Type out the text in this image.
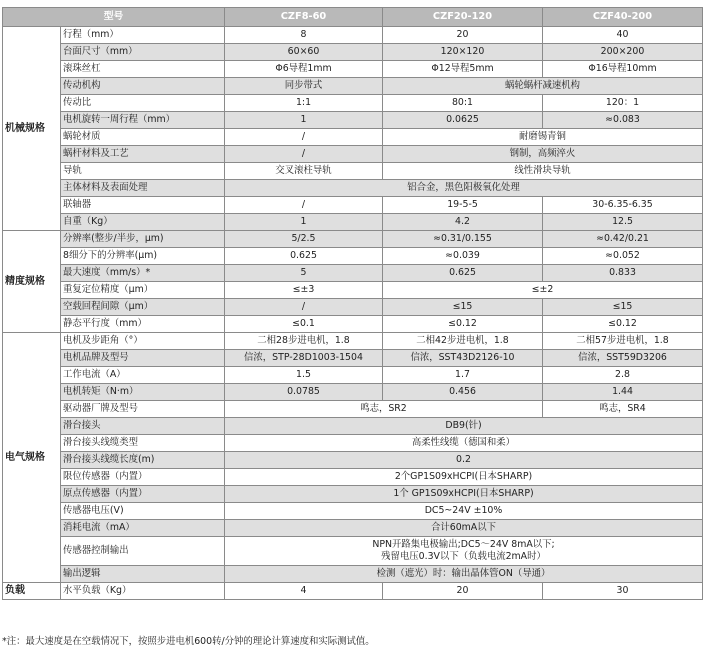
型号		CZF8-60	CZF20-120	CZF40-200
机械规格	行程（mm）	8	20	40
	台面尺寸（mm）	60×60	120×120	200×200
	滚珠丝杠	Φ6导程1mm	Φ12导程5mm	Φ16导程10mm
	传动机构	同步带式	蜗轮蜗杆减速机构	
	传动比	1:1	80:1	120：1
	电机旋转一周行程（mm）	1	0.0625	≈0.083
	蜗轮材质	/	耐磨锡青铜	
	蜗杆材料及工艺	/	钢制，高频淬火	
	导轨	交叉滚柱导轨	线性滑块导轨	
	主体材料及表面处理	铝合金，黑色阳极氧化处理		
	联轴器	/	19-5-5	30-6.35-6.35
	自重（Kg）	1	4.2	12.5
精度规格	分辨率(整步/半步，μm)	5/2.5	≈0.31/0.155	≈0.42/0.21
	8细分下的分辨率(μm)	0.625	≈0.039	≈0.052
	最大速度（mm/s）*	5	0.625	0.833
	重复定位精度（μm）	≤±3	≤±2	
	空载回程间隙（μm）	/	≤15	≤15
	静态平行度（mm）	≤0.1	≤0.12	≤0.12
电气规格	电机及步距角（°）	二相28步进电机，1.8	二相42步进电机，1.8	二相57步进电机，1.8
	电机品牌及型号	信浓，STP-28D1003-1504	信浓，SST43D2126-10	信浓，SST59D3206
	工作电流（A）	1.5	1.7	2.8
	电机转矩（N·m）	0.0785	0.456	1.44
	驱动器厂牌及型号	鸣志，SR2		鸣志，SR4
	滑台接头	DB9(针)		
	滑台接头线缆类型	高柔性线缆（德国和柔）		
	滑台接头线缆长度(m)	0.2		
	限位传感器（内置）	2个GP1S09xHCPI(日本SHARP)		
	原点传感器（内置）	1个 GP1S09xHCPI(日本SHARP)		
	传感器电压(V)	DC5~24V ±10%		
	消耗电流（mA）	合计60mA以下		
	传感器控制输出	NPN开路集电极输出;DC5～24V 8mA以下;
残留电压0.3V以下（负载电流2mA时）		

	输出逻辑	检测（遮光）时：输出晶体管ON（导通）		
负载	水平负载（Kg）	4	20	30
*注：最大速度是在空载情况下，按照步进电机600转/分钟的理论计算速度和实际测试值。
